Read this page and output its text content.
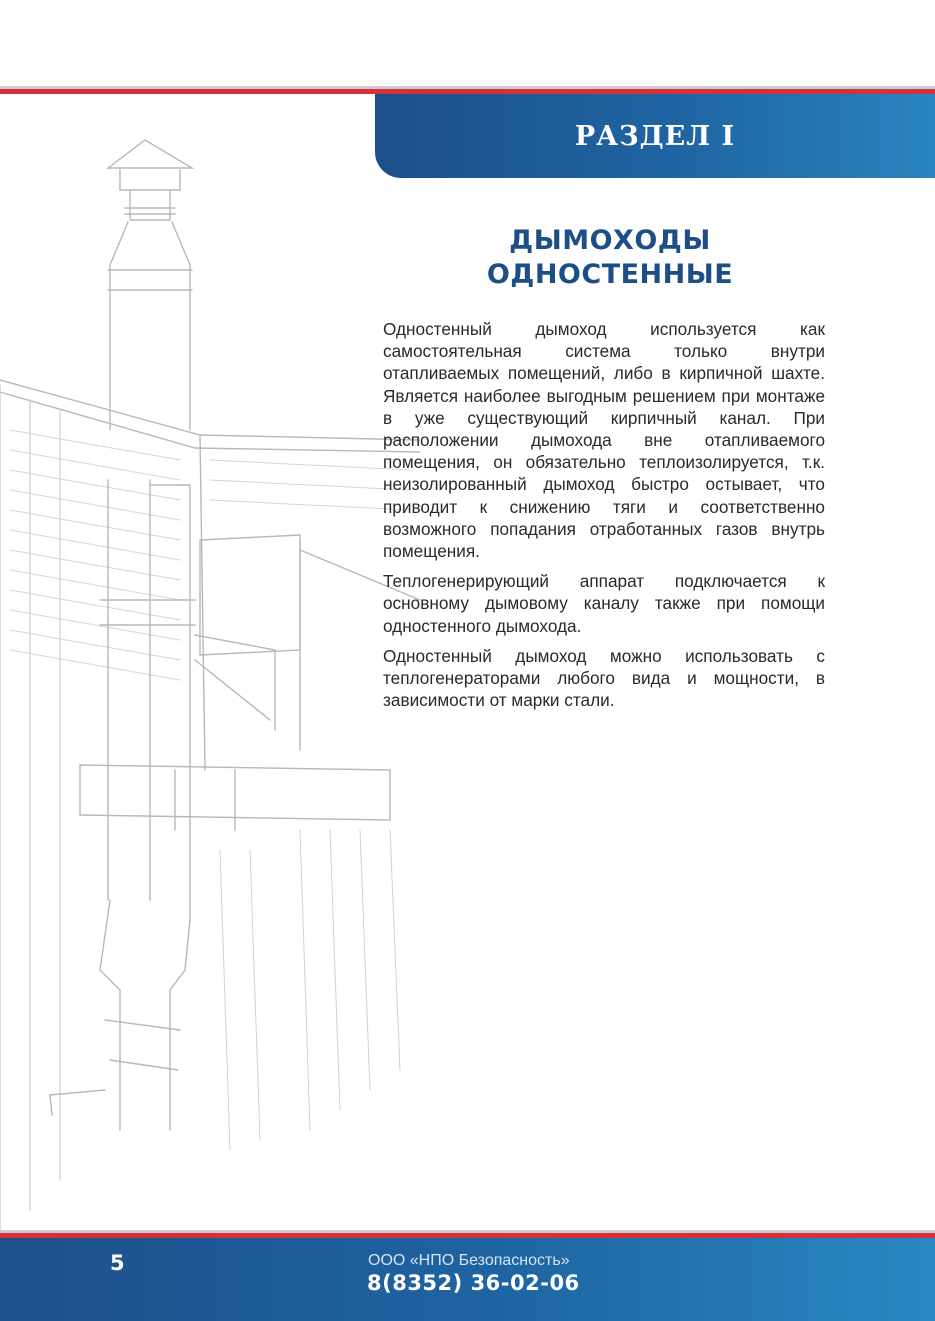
РАЗДЕЛ I
ДЫМОХОДЫ
ОДНОСТЕННЫЕ

Одностенный дымоход используется как самостоятельная система только внутри отапливаемых помещений, либо в кирпичной шахте. Является наиболее выгодным решением при монтаже в уже существующий кирпичный канал. При расположении дымохода вне отапливаемого помещения, он обязательно теплоизолируется, т.к. неизолированный дымоход быстро остывает, что приводит к снижению тяги и соответственно возможного попадания отработанных газов внутрь помещения.

Теплогенерирующий аппарат подключается к основному дымовому каналу также при помощи одностенного дымохода.

Одностенный дымоход можно использовать с теплогенераторами любого вида и мощности, в зависимости от марки стали.

5	ООО «НПО Безопасность»
8(8352) 36-02-06
